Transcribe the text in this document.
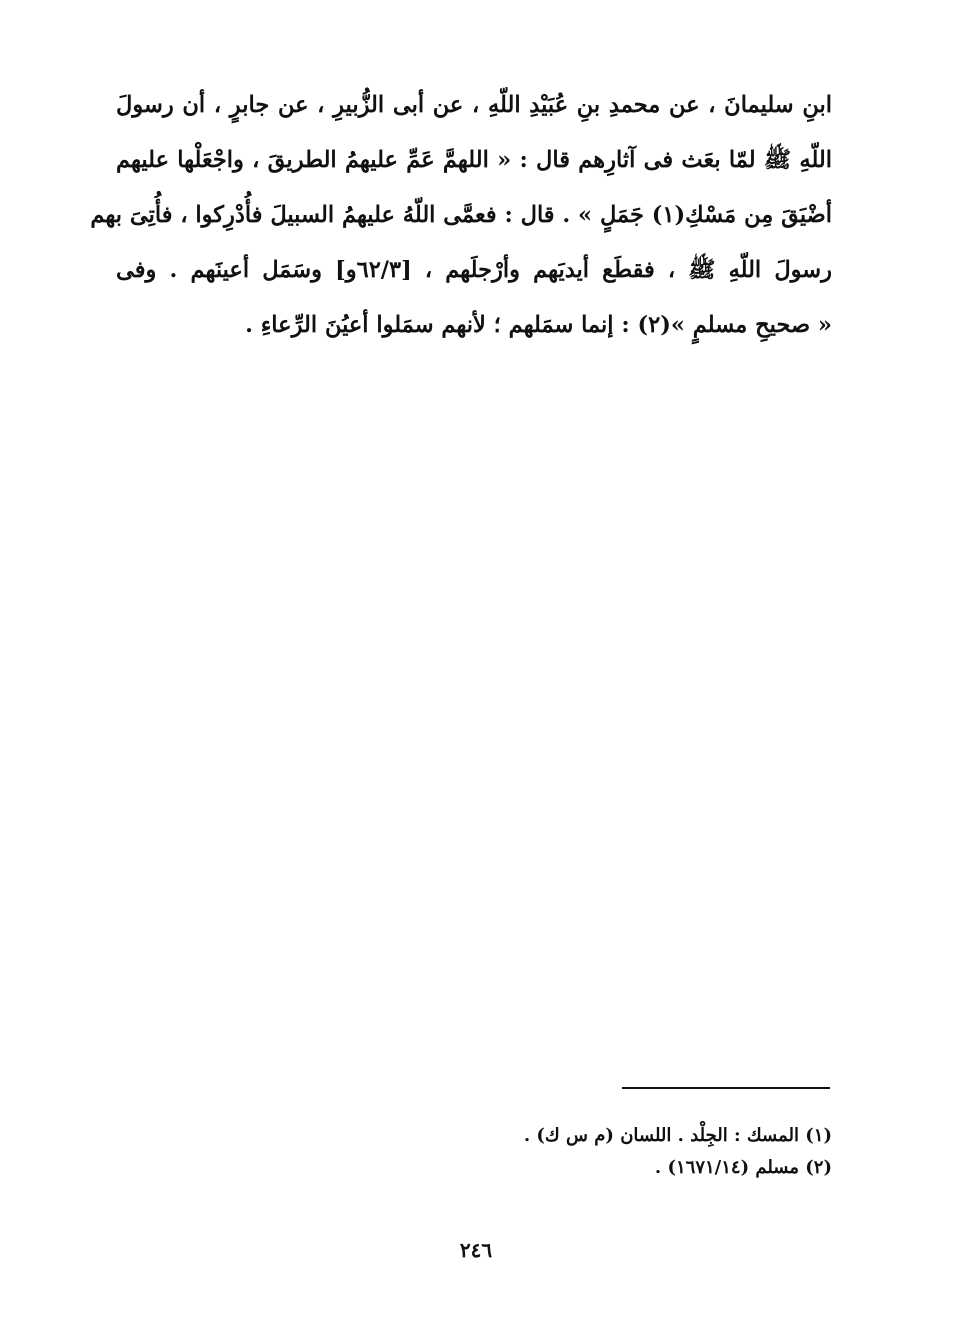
ابنِ سليمانَ ، عن محمدِ بنِ عُبَيْدِ اللّهِ ، عن أبى الزُّبيرِ ، عن جابرٍ ، أن رسولَ
اللّهِ ﷺ لمّا بعَث فى آثارِهم قال : « اللهمَّ عَمِّ عليهمُ الطريقَ ، واجْعَلْها عليهم
أضْيَقَ مِن مَسْكِ(١) جَمَلٍ » . قال : فعمَّى اللّهُ عليهمُ السبيلَ فأُدْرِكوا ، فأُتِىَ بهم
رسولَ اللّهِ ﷺ ، فقطَع أيديَهم وأرْجلَهم ، [٦٢/٣و] وسَمَل أعينَهم . وفى
« صحيحِ مسلمٍ »(٢) : إنما سمَلهم ؛ لأنهم سمَلوا أعيُنَ الرِّعاءِ .
(١) المسك : الجِلْد . اللسان (م س ك) .
(٢) مسلم (١٦٧١/١٤) .
٢٤٦
